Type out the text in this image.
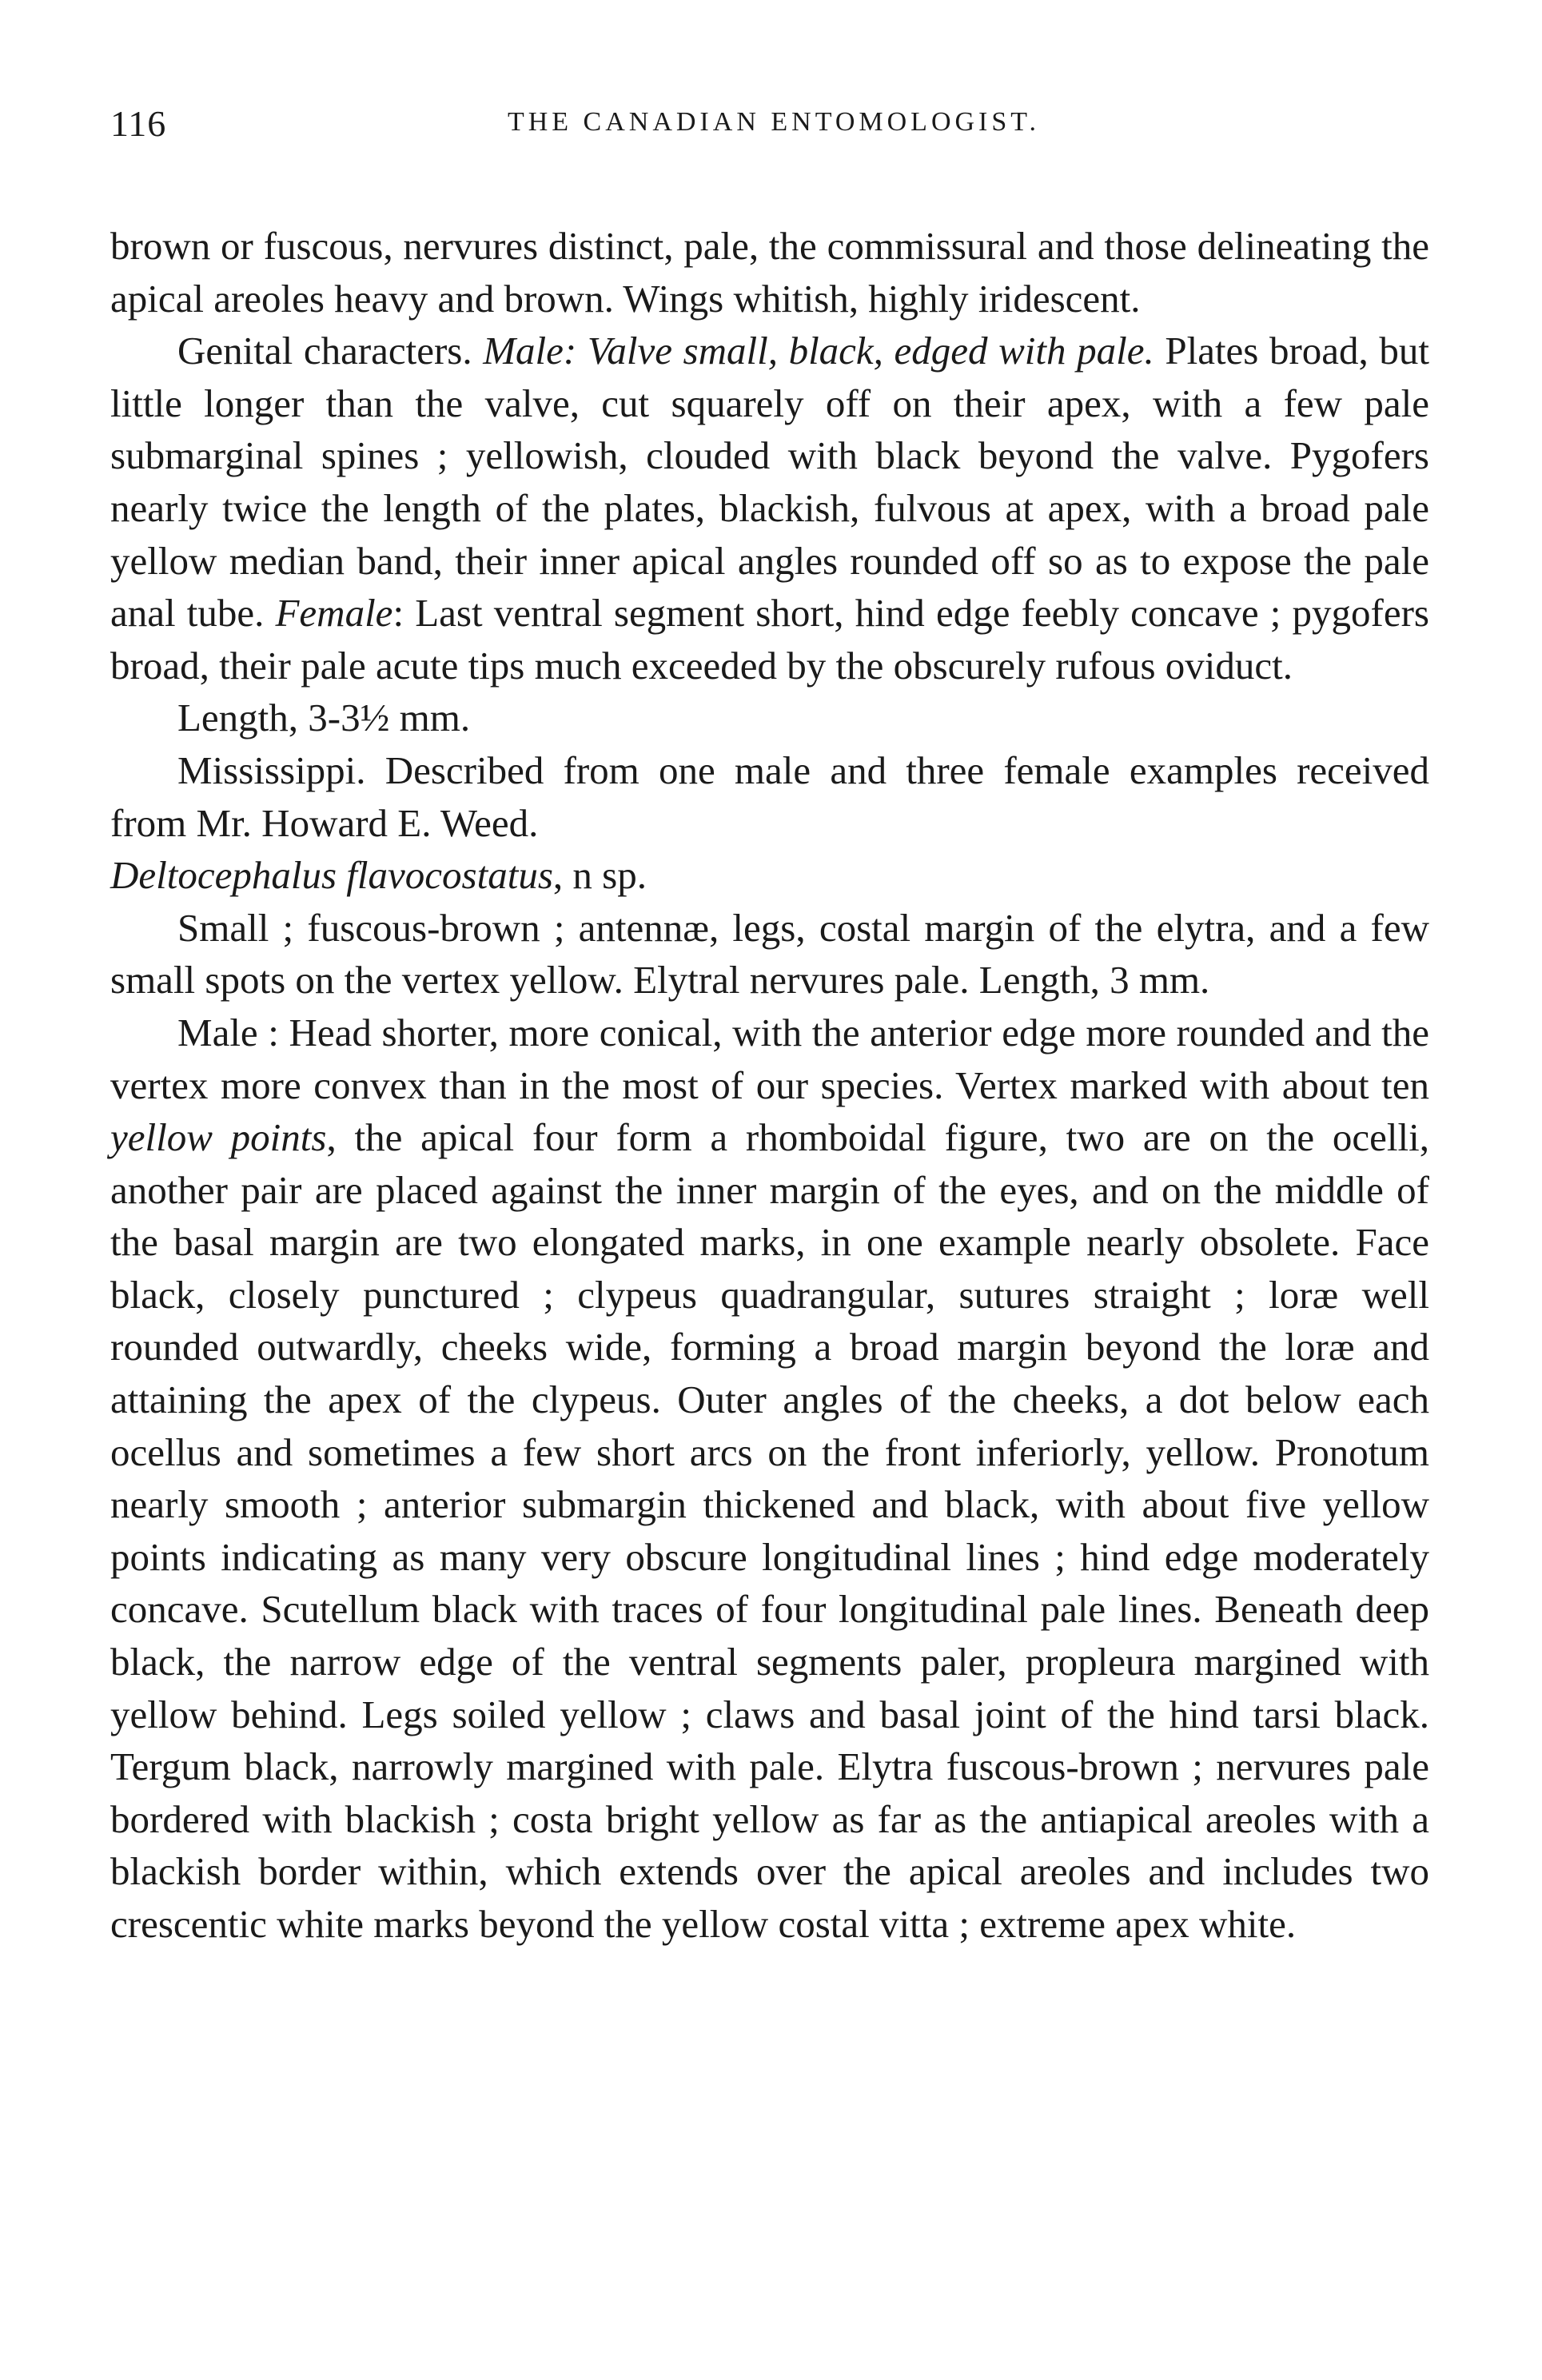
116	THE CANADIAN ENTOMOLOGIST.

brown or fuscous, nervures distinct, pale, the commissural and those delineating the apical areoles heavy and brown. Wings whitish, highly iridescent.

Genital characters. Male: Valve small, black, edged with pale. Plates broad, but little longer than the valve, cut squarely off on their apex, with a few pale submarginal spines ; yellowish, clouded with black beyond the valve. Pygofers nearly twice the length of the plates, blackish, fulvous at apex, with a broad pale yellow median band, their inner apical angles rounded off so as to expose the pale anal tube. Female: Last ventral segment short, hind edge feebly concave ; pygofers broad, their pale acute tips much exceeded by the obscurely rufous oviduct.

Length, 3-3½ mm.

Mississippi. Described from one male and three female examples received from Mr. Howard E. Weed.

Deltocephalus flavocostatus, n sp.

Small ; fuscous-brown ; antennæ, legs, costal margin of the elytra, and a few small spots on the vertex yellow. Elytral nervures pale. Length, 3 mm.

Male : Head shorter, more conical, with the anterior edge more rounded and the vertex more convex than in the most of our species. Vertex marked with about ten yellow points, the apical four form a rhomboidal figure, two are on the ocelli, another pair are placed against the inner margin of the eyes, and on the middle of the basal margin are two elongated marks, in one example nearly obsolete. Face black, closely punctured ; clypeus quadrangular, sutures straight ; loræ well rounded outwardly, cheeks wide, forming a broad margin beyond the loræ and attaining the apex of the clypeus. Outer angles of the cheeks, a dot below each ocellus and sometimes a few short arcs on the front inferiorly, yellow. Pronotum nearly smooth ; anterior submargin thickened and black, with about five yellow points indicating as many very obscure longitudinal lines ; hind edge moderately concave. Scutellum black with traces of four longitudinal pale lines. Beneath deep black, the narrow edge of the ventral segments paler, propleura margined with yellow behind. Legs soiled yellow ; claws and basal joint of the hind tarsi black. Tergum black, narrowly margined with pale. Elytra fuscous-brown ; nervures pale bordered with blackish ; costa bright yellow as far as the antiapical areoles with a blackish border within, which extends over the apical areoles and includes two crescentic white marks beyond the yellow costal vitta ; extreme apex white.
